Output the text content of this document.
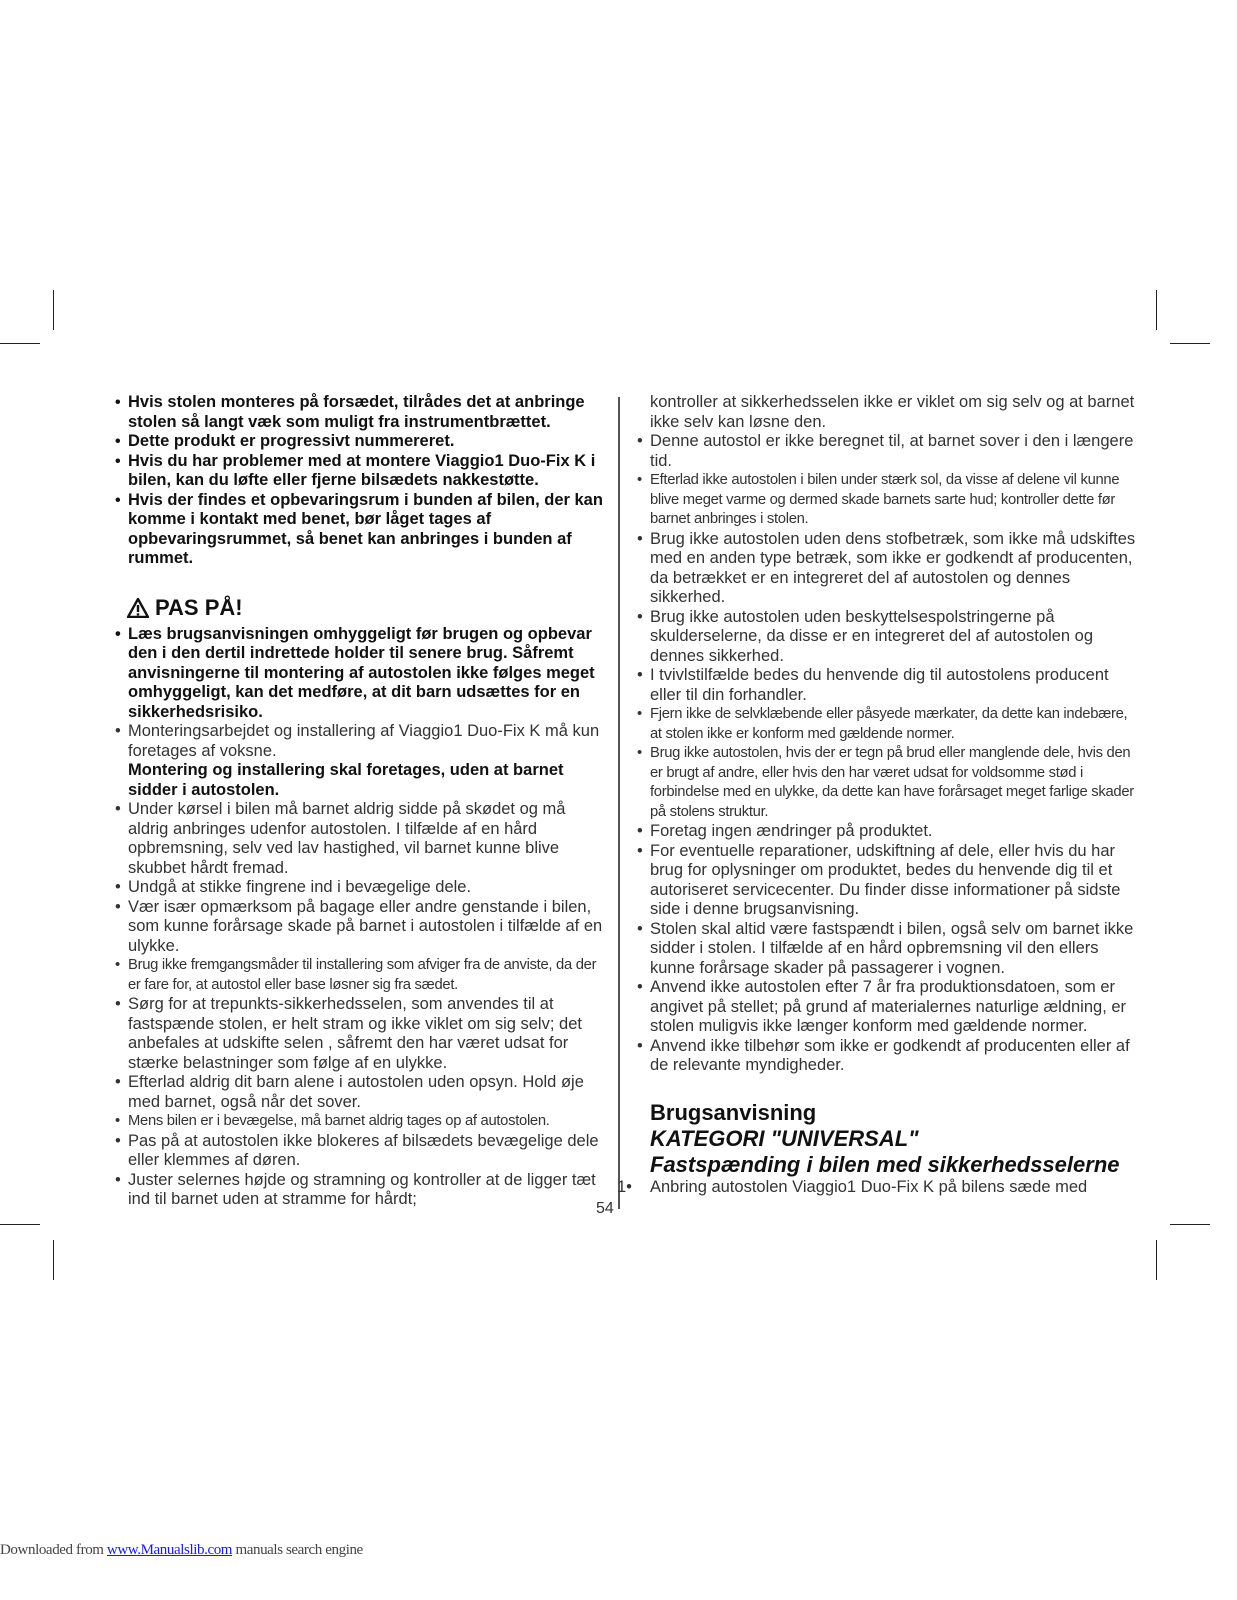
• Hvis stolen monteres på forsædet, tilrådes det at anbringe stolen så langt væk som muligt fra instrumentbrættet.
• Dette produkt er progressivt nummereret.
• Hvis du har problemer med at montere Viaggio1 Duo-Fix K i bilen, kan du løfte eller fjerne bilsædets nakkestøtte.
• Hvis der findes et opbevaringsrum i bunden af bilen, der kan komme i kontakt med benet, bør låget tages af opbevaringsrummet, så benet kan anbringes i bunden af rummet.
PAS PÅ!
• Læs brugsanvisningen omhyggeligt før brugen og opbevar den i den dertil indrettede holder til senere brug. Såfremt anvisningerne til montering af autostolen ikke følges meget omhyggeligt, kan det medføre, at dit barn udsættes for en sikkerhedsrisiko.
• Monteringsarbejdet og installering af Viaggio1 Duo-Fix K må kun foretages af voksne.
Montering og installering skal foretages, uden at barnet sidder i autostolen.
• Under kørsel i bilen må barnet aldrig sidde på skødet og må aldrig anbringes udenfor autostolen. I tilfælde af en hård opbremsning, selv ved lav hastighed, vil barnet kunne blive skubbet hårdt fremad.
• Undgå at stikke fingrene ind i bevægelige dele.
• Vær især opmærksom på bagage eller andre genstande i bilen, som kunne forårsage skade på barnet i autostolen i tilfælde af en ulykke.
• Brug ikke fremgangsmåder til installering som afviger fra de anviste, da der er fare for, at autostol eller base løsner sig fra sædet.
• Sørg for at trepunkts-sikkerhedsselen, som anvendes til at fastspænde stolen, er helt stram og ikke viklet om sig selv; det anbefales at udskifte selen , såfremt den har været udsat for stærke belastninger som følge af en ulykke.
• Efterlad aldrig dit barn alene i autostolen uden opsyn. Hold øje med barnet, også når det sover.
• Mens bilen er i bevægelse, må barnet aldrig tages op af autostolen.
• Pas på at autostolen ikke blokeres af bilsædets bevægelige dele eller klemmes af døren.
• Juster selernes højde og stramning og kontroller at de ligger tæt ind til barnet uden at stramme for hårdt;
kontroller at sikkerhedsselen ikke er viklet om sig selv og at barnet ikke selv kan løsne den.
• Denne autostol er ikke beregnet til, at barnet sover i den i længere tid.
• Efterlad ikke autostolen i bilen under stærk sol, da visse af delene vil kunne blive meget varme og dermed skade barnets sarte hud; kontroller dette før barnet anbringes i stolen.
• Brug ikke autostolen uden dens stofbetræk, som ikke må udskiftes med en anden type betræk, som ikke er godkendt af producenten, da betrækket er en integreret del af autostolen og dennes sikkerhed.
• Brug ikke autostolen uden beskyttelsespolstringerne på skulderselerne, da disse er en integreret del af autostolen og dennes sikkerhed.
• I tvivlstilfælde bedes du henvende dig til autostolens producent eller til din forhandler.
• Fjern ikke de selvklæbende eller påsyede mærkater, da dette kan indebære, at stolen ikke er konform med gældende normer.
• Brug ikke autostolen, hvis der er tegn på brud eller manglende dele, hvis den er brugt af andre, eller hvis den har været udsat for voldsomme stød i forbindelse med en ulykke, da dette kan have forårsaget meget farlige skader på stolens struktur.
• Foretag ingen ændringer på produktet.
• For eventuelle reparationer, udskiftning af dele, eller hvis du har brug for oplysninger om produktet, bedes du henvende dig til et autoriseret servicecenter. Du finder disse informationer på sidste side i denne brugsanvisning.
• Stolen skal altid være fastspændt i bilen, også selv om barnet ikke sidder i stolen. I tilfælde af en hård opbremsning vil den ellers kunne forårsage skader på passagerer i vognen.
• Anvend ikke autostolen efter 7 år fra produktionsdatoen, som er angivet på stellet; på grund af materialernes naturlige ældning, er stolen muligvis ikke længer konform med gældende normer.
• Anvend ikke tilbehør som ikke er godkendt af producenten eller af de relevante myndigheder.
Brugsanvisning
KATEGORI "UNIVERSAL"
Fastspænding i bilen med sikkerhedsselerne
1• Anbring autostolen Viaggio1 Duo-Fix K på bilens sæde med
54
Downloaded from www.Manualslib.com manuals search engine
